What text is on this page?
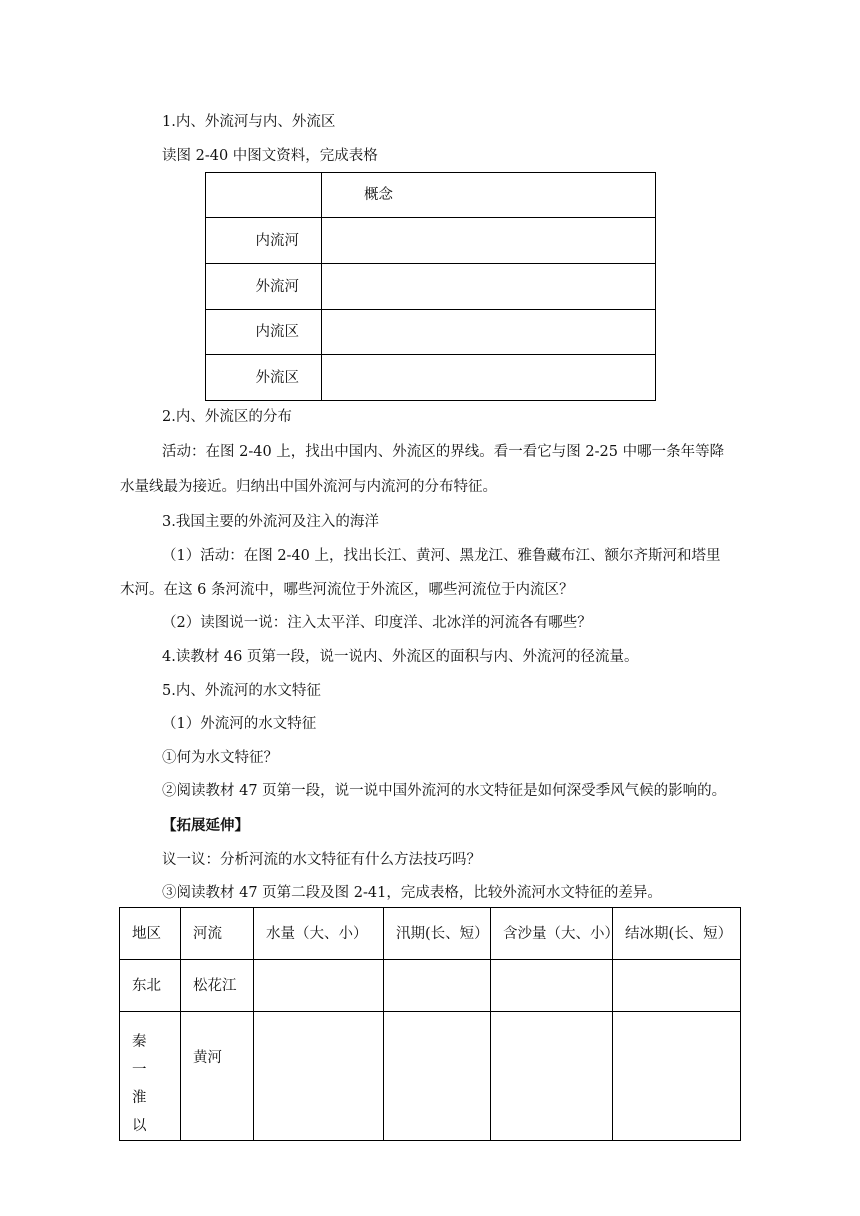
1.内、外流河与内、外流区
读图 2-40 中图文资料，完成表格
	概念
内流河	
外流河	
内流区	
外流区	
2.内、外流区的分布
活动：在图 2-40 上，找出中国内、外流区的界线。看一看它与图 2-25 中哪一条年等降
水量线最为接近。归纳出中国外流河与内流河的分布特征。
3.我国主要的外流河及注入的海洋
（1）活动：在图 2-40 上，找出长江、黄河、黑龙江、雅鲁藏布江、额尔齐斯河和塔里
木河。在这 6 条河流中，哪些河流位于外流区，哪些河流位于内流区？
（2）读图说一说：注入太平洋、印度洋、北冰洋的河流各有哪些？
4.读教材 46 页第一段，说一说内、外流区的面积与内、外流河的径流量。
5.内、外流河的水文特征
（1）外流河的水文特征
①何为水文特征？
②阅读教材 47 页第一段，说一说中国外流河的水文特征是如何深受季风气候的影响的。
【拓展延伸】
议一议：分析河流的水文特征有什么方法技巧吗？
③阅读教材 47 页第二段及图 2-41，完成表格，比较外流河水文特征的差异。
地区	河流	水量（大、小）	汛期(长、短）	含沙量（大、小）	结冰期(长、短）
东北	松花江				
秦一淮以	黄河				
